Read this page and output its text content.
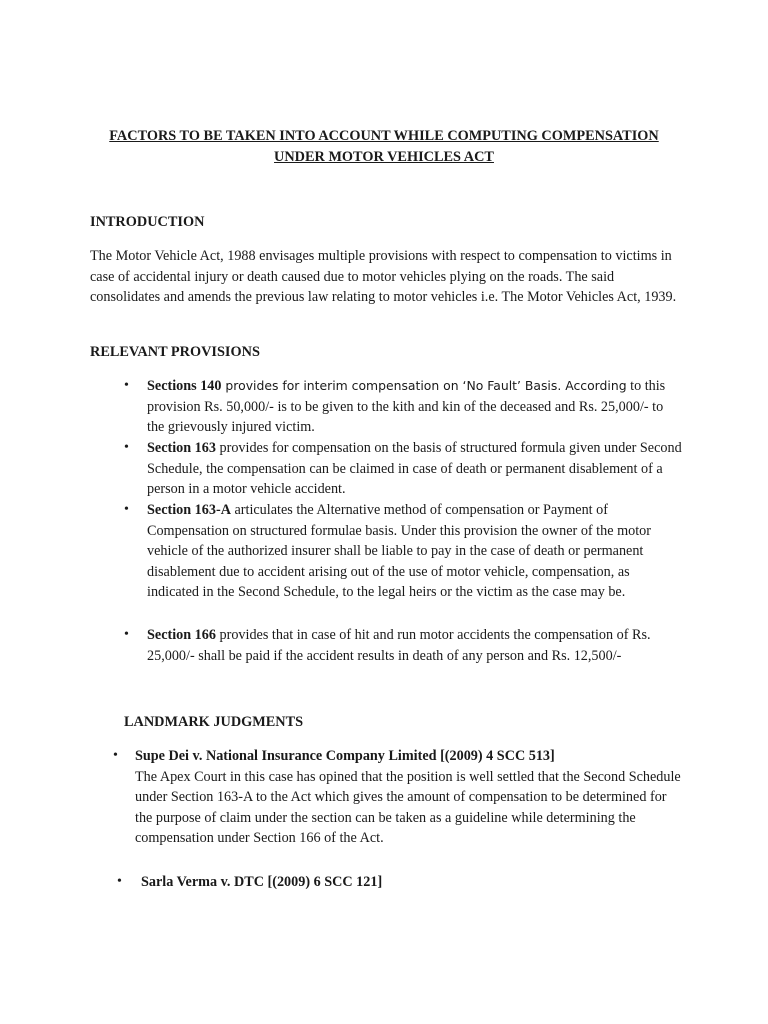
FACTORS TO BE TAKEN INTO ACCOUNT WHILE COMPUTING COMPENSATION
UNDER MOTOR VEHICLES ACT
INTRODUCTION
The Motor Vehicle Act, 1988 envisages multiple provisions with respect to compensation to victims in case of accidental injury or death caused due to motor vehicles plying on the roads. The said consolidates and amends the previous law relating to motor vehicles i.e. The Motor Vehicles Act, 1939.
RELEVANT PROVISIONS
• Sections 140 provides for interim compensation on ‘No Fault’ Basis. According to this provision Rs. 50,000/- is to be given to the kith and kin of the deceased and Rs. 25,000/- to the grievously injured victim.
• Section 163 provides for compensation on the basis of structured formula given under Second Schedule, the compensation can be claimed in case of death or permanent disablement of a person in a motor vehicle accident.
• Section 163-A articulates the Alternative method of compensation or Payment of Compensation on structured formulae basis. Under this provision the owner of the motor vehicle of the authorized insurer shall be liable to pay in the case of death or permanent disablement due to accident arising out of the use of motor vehicle, compensation, as indicated in the Second Schedule, to the legal heirs or the victim as the case may be.
• Section 166 provides that in case of hit and run motor accidents the compensation of Rs. 25,000/- shall be paid if the accident results in death of any person and Rs. 12,500/-
LANDMARK JUDGMENTS
• Supe Dei v. National Insurance Company Limited [(2009) 4 SCC 513]
The Apex Court in this case has opined that the position is well settled that the Second Schedule under Section 163-A to the Act which gives the amount of compensation to be determined for the purpose of claim under the section can be taken as a guideline while determining the compensation under Section 166 of the Act.
• Sarla Verma v. DTC [(2009) 6 SCC 121]
